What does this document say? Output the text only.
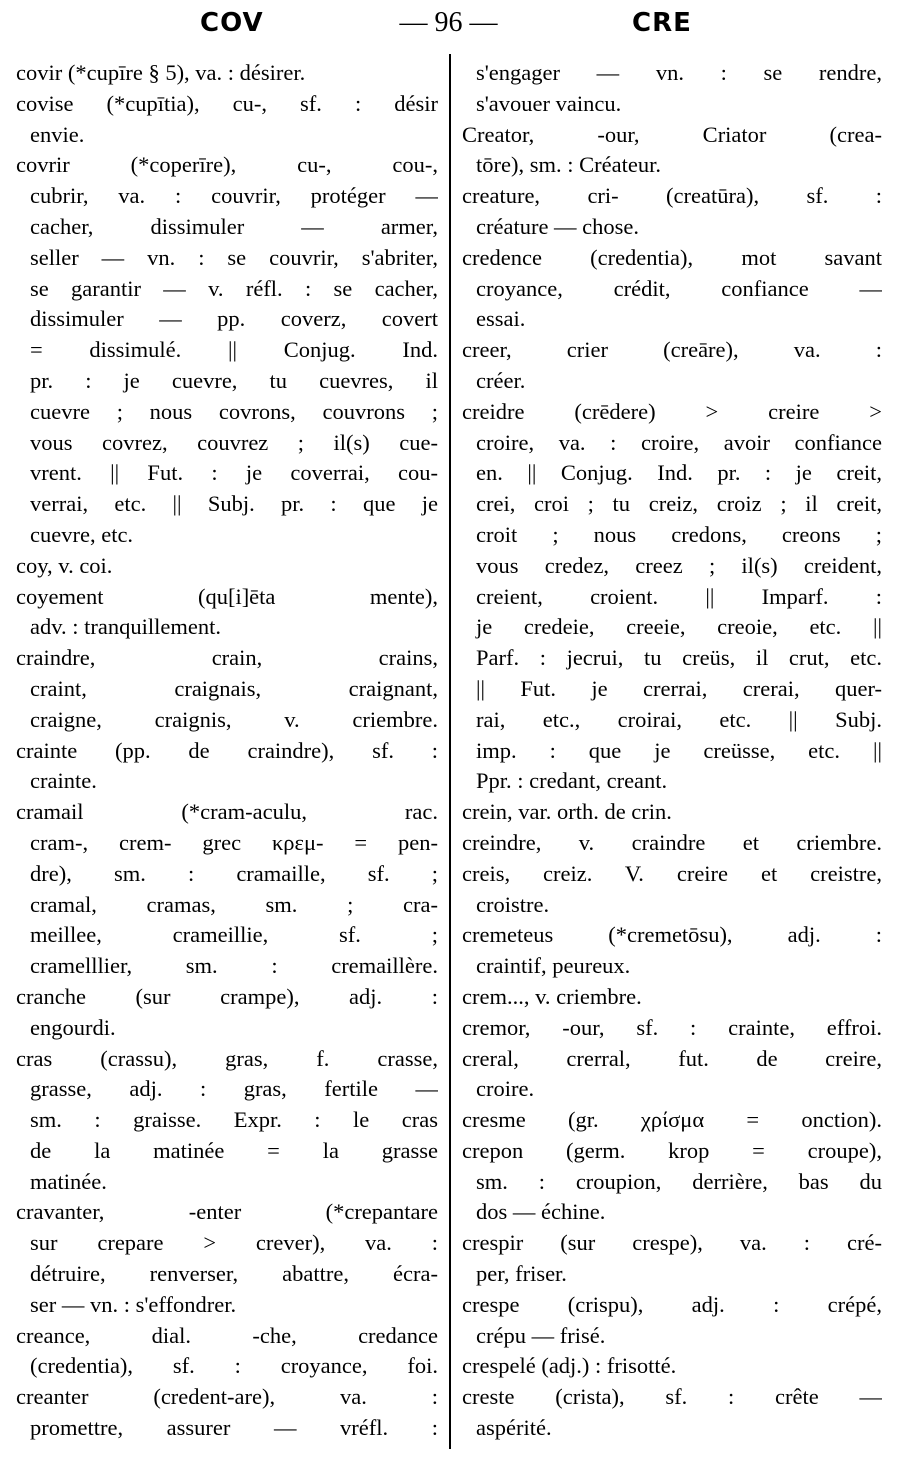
COV	— 96 —	CRE
covir (*cupīre § 5), va. : désirer.
covise (*cupītia), cu-, sf. : désir
envie.
covrir (*coperīre), cu-, cou-,
cubrir, va. : couvrir, protéger —
cacher, dissimuler — armer,
seller — vn. : se couvrir, s'abriter,
se garantir — v. réfl. : se cacher,
dissimuler — pp. coverz, covert
= dissimulé. || Conjug. Ind.
pr. : je cuevre, tu cuevres, il
cuevre ; nous covrons, couvrons ;
vous covrez, couvrez ; il(s) cue-
vrent. || Fut. : je coverrai, cou-
verrai, etc. || Subj. pr. : que je
cuevre, etc.
coy, v. coi.
coyement (qu[i]ēta mente),
adv. : tranquillement.
craindre, crain, crains,
craint, craignais, craignant,
craigne, craignis, v. criembre.
crainte (pp. de craindre), sf. :
crainte.
cramail (*cram-aculu, rac.
cram-, crem- grec κρεμ- = pen-
dre), sm. : cramaille, sf. ;
cramal, cramas, sm. ; cra-
meillee, crameillie, sf. ;
cramelllier, sm. : cremaillère.
cranche (sur crampe), adj. :
engourdi.
cras (crassu), gras, f. crasse,
grasse, adj. : gras, fertile —
sm. : graisse. Expr. : le cras
de la matinée = la grasse
matinée.
cravanter, -enter (*crepantare
sur crepare > crever), va. :
détruire, renverser, abattre, écra-
ser — vn. : s'effondrer.
creance, dial. -che, credance
(credentia), sf. : croyance, foi.
creanter (credent-are), va. :
promettre, assurer — vréfl. :
s'engager — vn. : se rendre,
s'avouer vaincu.
Creator, -our, Criator (crea-
tōre), sm. : Créateur.
creature, cri- (creatūra), sf. :
créature — chose.
credence (credentia), mot savant
croyance, crédit, confiance —
essai.
creer, crier (creāre), va. :
créer.
creidre (crēdere) > creire >
croire, va. : croire, avoir confiance
en. || Conjug. Ind. pr. : je creit,
crei, croi ; tu creiz, croiz ; il creit,
croit ; nous credons, creons ;
vous credez, creez ; il(s) creident,
creient, croient. || Imparf. :
je credeie, creeie, creoie, etc. ||
Parf. : jecrui, tu creüs, il crut, etc.
|| Fut. je crerrai, crerai, quer-
rai, etc., croirai, etc. || Subj.
imp. : que je creüsse, etc. ||
Ppr. : credant, creant.
crein, var. orth. de crin.
creindre, v. craindre et criembre.
creis, creiz. V. creire et creistre,
croistre.
cremeteus (*cremetōsu), adj. :
craintif, peureux.
crem..., v. criembre.
cremor, -our, sf. : crainte, effroi.
creral, crerral, fut. de creire,
croire.
cresme (gr. χρίσμα = onction).
crepon (germ. krop = croupe),
sm. : croupion, derrière, bas du
dos — échine.
crespir (sur crespe), va. : cré-
per, friser.
crespe (crispu), adj. : crépé,
crépu — frisé.
crespelé (adj.) : frisotté.
creste (crista), sf. : crête —
aspérité.
